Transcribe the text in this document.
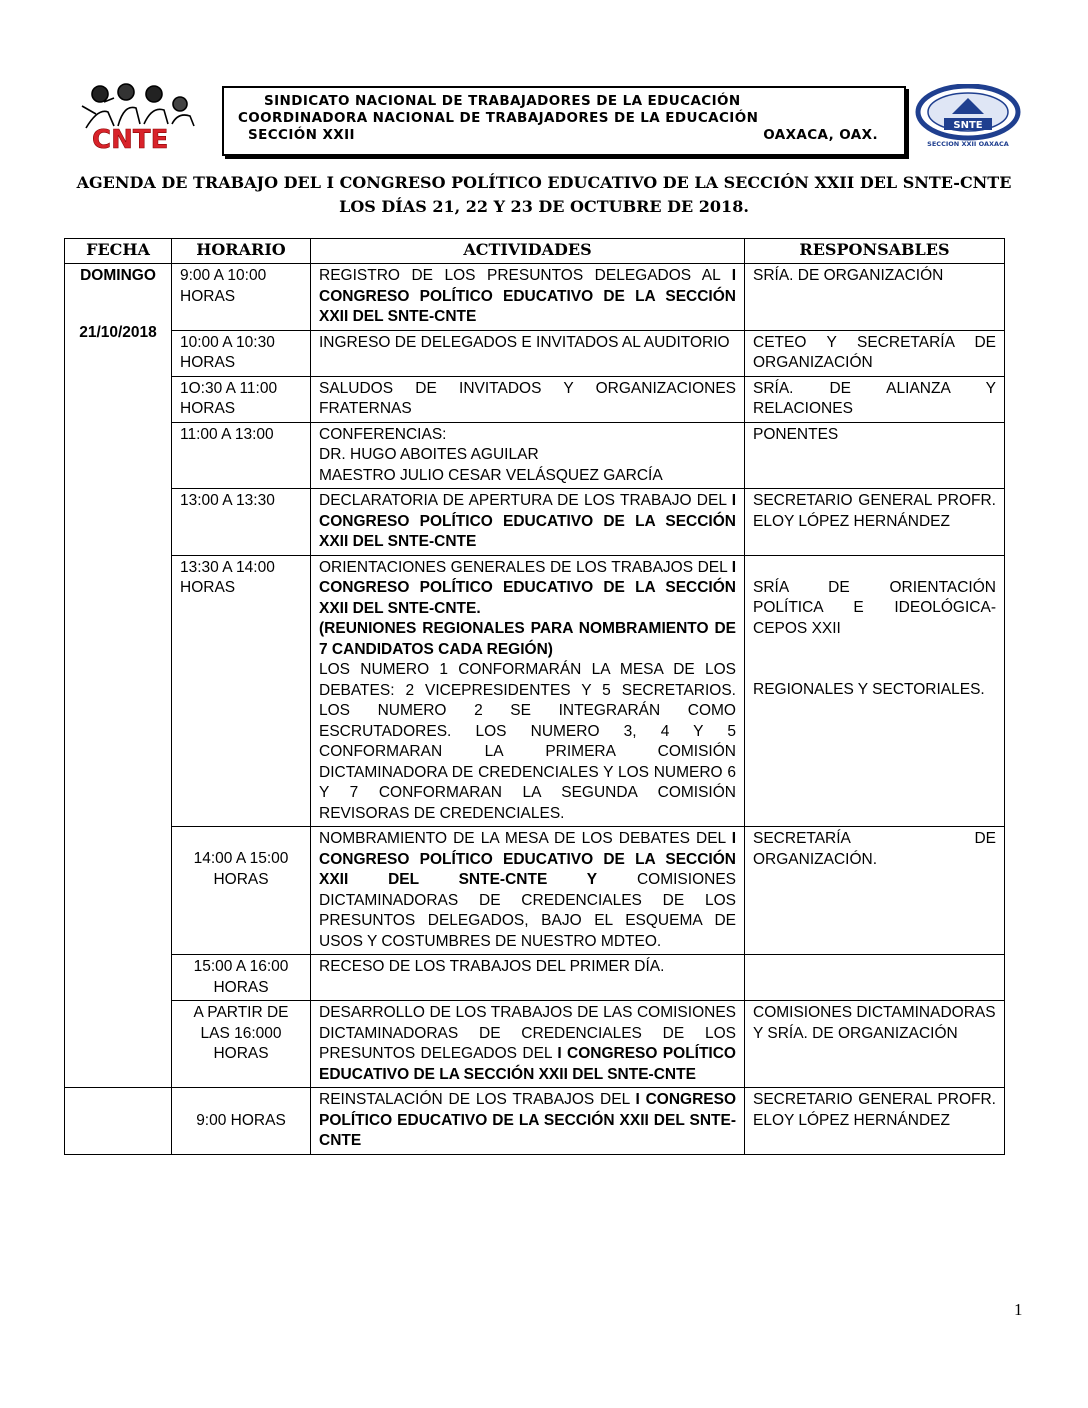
CNTE
SINDICATO NACIONAL DE TRABAJADORES DE LA EDUCACIÓN
COORDINADORA NACIONAL DE TRABAJADORES DE LA EDUCACIÓN
SECCIÓN XXII	OAXACA, OAX.
SNTE
SECCION XXII OAXACA
AGENDA DE TRABAJO DEL I CONGRESO POLÍTICO EDUCATIVO DE LA SECCIÓN XXII DEL SNTE-CNTE LOS DÍAS 21, 22 Y 23 DE OCTUBRE DE 2018.
FECHA	HORARIO	ACTIVIDADES	RESPONSABLES

DOMINGO
21/10/2018	9:00 A 10:00 HORAS	REGISTRO DE LOS PRESUNTOS DELEGADOS AL I CONGRESO POLÍTICO EDUCATIVO DE LA SECCIÓN XXII DEL SNTE-CNTE	SRÍA. DE ORGANIZACIÓN
	10:00 A 10:30 HORAS	INGRESO DE DELEGADOS E INVITADOS AL AUDITORIO	CETEO Y SECRETARÍA DE ORGANIZACIÓN
	1O:30 A 11:00 HORAS	SALUDOS DE INVITADOS Y ORGANIZACIONES FRATERNAS	SRÍA. DE ALIANZA Y RELACIONES
	11:00 A 13:00	CONFERENCIAS:
DR. HUGO ABOITES AGUILAR
MAESTRO JULIO CESAR VELÁSQUEZ GARCÍA	PONENTES
	13:00 A 13:30	DECLARATORIA DE APERTURA DE LOS TRABAJO DEL I CONGRESO POLÍTICO EDUCATIVO DE LA SECCIÓN XXII DEL SNTE-CNTE	SECRETARIO GENERAL PROFR. ELOY LÓPEZ HERNÁNDEZ
	13:30 A 14:00 HORAS	ORIENTACIONES GENERALES DE LOS TRABAJOS DEL I CONGRESO POLÍTICO EDUCATIVO DE LA SECCIÓN XXII DEL SNTE-CNTE.
(REUNIONES REGIONALES PARA NOMBRAMIENTO DE 7 CANDIDATOS CADA REGIÓN)
LOS NUMERO 1 CONFORMARÁN LA MESA DE LOS DEBATES: 2 VICEPRESIDENTES Y 5 SECRETARIOS. LOS NUMERO 2 SE INTEGRARÁN COMO ESCRUTADORES. LOS NUMERO 3, 4 Y 5 CONFORMARAN LA PRIMERA COMISIÓN DICTAMINADORA DE CREDENCIALES Y LOS NUMERO 6 Y 7 CONFORMARAN LA SEGUNDA COMISIÓN REVISORAS DE CREDENCIALES.	SRÍA DE ORIENTACIÓN POLÍTICA E IDEOLÓGICA-CEPOS XXII
REGIONALES Y SECTORIALES.

	14:00 A 15:00 HORAS	NOMBRAMIENTO DE LA MESA DE LOS DEBATES DEL I CONGRESO POLÍTICO EDUCATIVO DE LA SECCIÓN XXII DEL SNTE-CNTE Y COMISIONES DICTAMINADORAS DE CREDENCIALES DE LOS PRESUNTOS DELEGADOS, BAJO EL ESQUEMA DE USOS Y COSTUMBRES DE NUESTRO MDTEO.	SECRETARÍA DE ORGANIZACIÓN.
	15:00 A 16:00 HORAS	RECESO DE LOS TRABAJOS DEL PRIMER DÍA.	
	A PARTIR DE LAS 16:000 HORAS	DESARROLLO DE LOS TRABAJOS DE LAS COMISIONES DICTAMINADORAS DE CREDENCIALES DE LOS PRESUNTOS DELEGADOS DEL I CONGRESO POLÍTICO EDUCATIVO DE LA SECCIÓN XXII DEL SNTE-CNTE	COMISIONES DICTAMINADORAS Y SRÍA. DE ORGANIZACIÓN
	9:00 HORAS	REINSTALACIÓN DE LOS TRABAJOS DEL I CONGRESO POLÍTICO EDUCATIVO DE LA SECCIÓN XXII DEL SNTE-CNTE	SECRETARIO GENERAL PROFR. ELOY LÓPEZ HERNÁNDEZ
1
